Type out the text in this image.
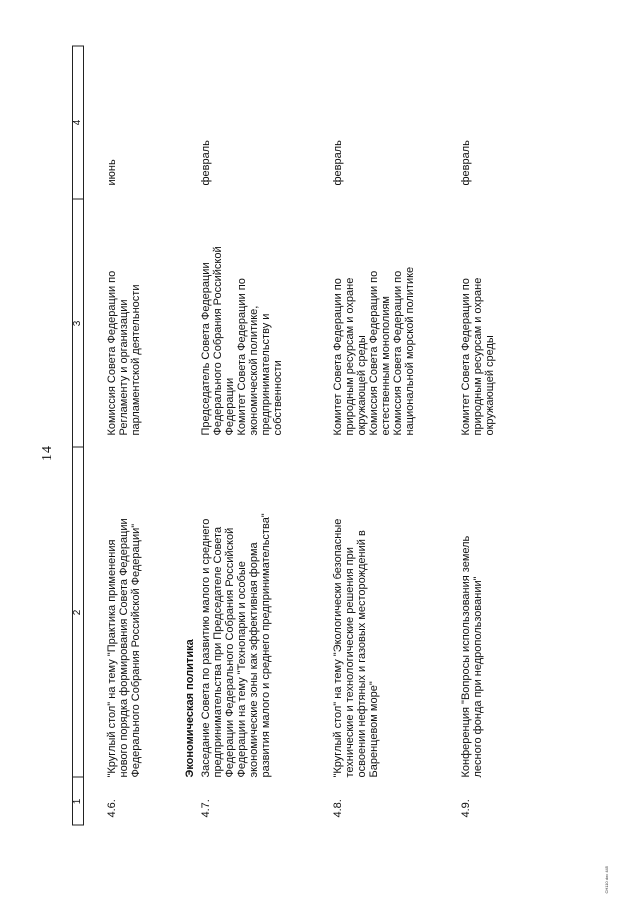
14
1
2
3
4
4.6.
"Круглый стол" на тему "Практика применения нового порядка формирования Совета Федерации Федерального Собрания Российской Федерации"
Комиссия Совета Федерации по Регламенту и организации парламентской деятельности
июнь
Экономическая политика
4.7.
Заседание Совета по развитию малого и среднего предпринимательства при Председателе Совета Федерации Федерального Собрания Российской Федерации на тему "Технопарки и особые экономические зоны как эффективная форма развития малого и среднего предпринимательства"
Председатель Совета Федерации Федерального Собрания Российской Федерации Комитет Совета Федерации по экономической политике, предпринимательству и собственности
февраль
4.8.
"Круглый стол" на тему "Экологически безопасные технические и технологические решения при освоении нефтяных и газовых месторождений в Баренцевом море"
Комитет Совета Федерации по природным ресурсам и охране окружающей среды Комиссия Совета Федерации по естественным монополиям Комиссия Совета Федерации по национальной морской политике
февраль
4.9.
Конференция "Вопросы использования земель лесного фонда при недропользовании"
Комитет Совета Федерации по природным ресурсам и охране окружающей среды
февраль
СН110 doc 445
